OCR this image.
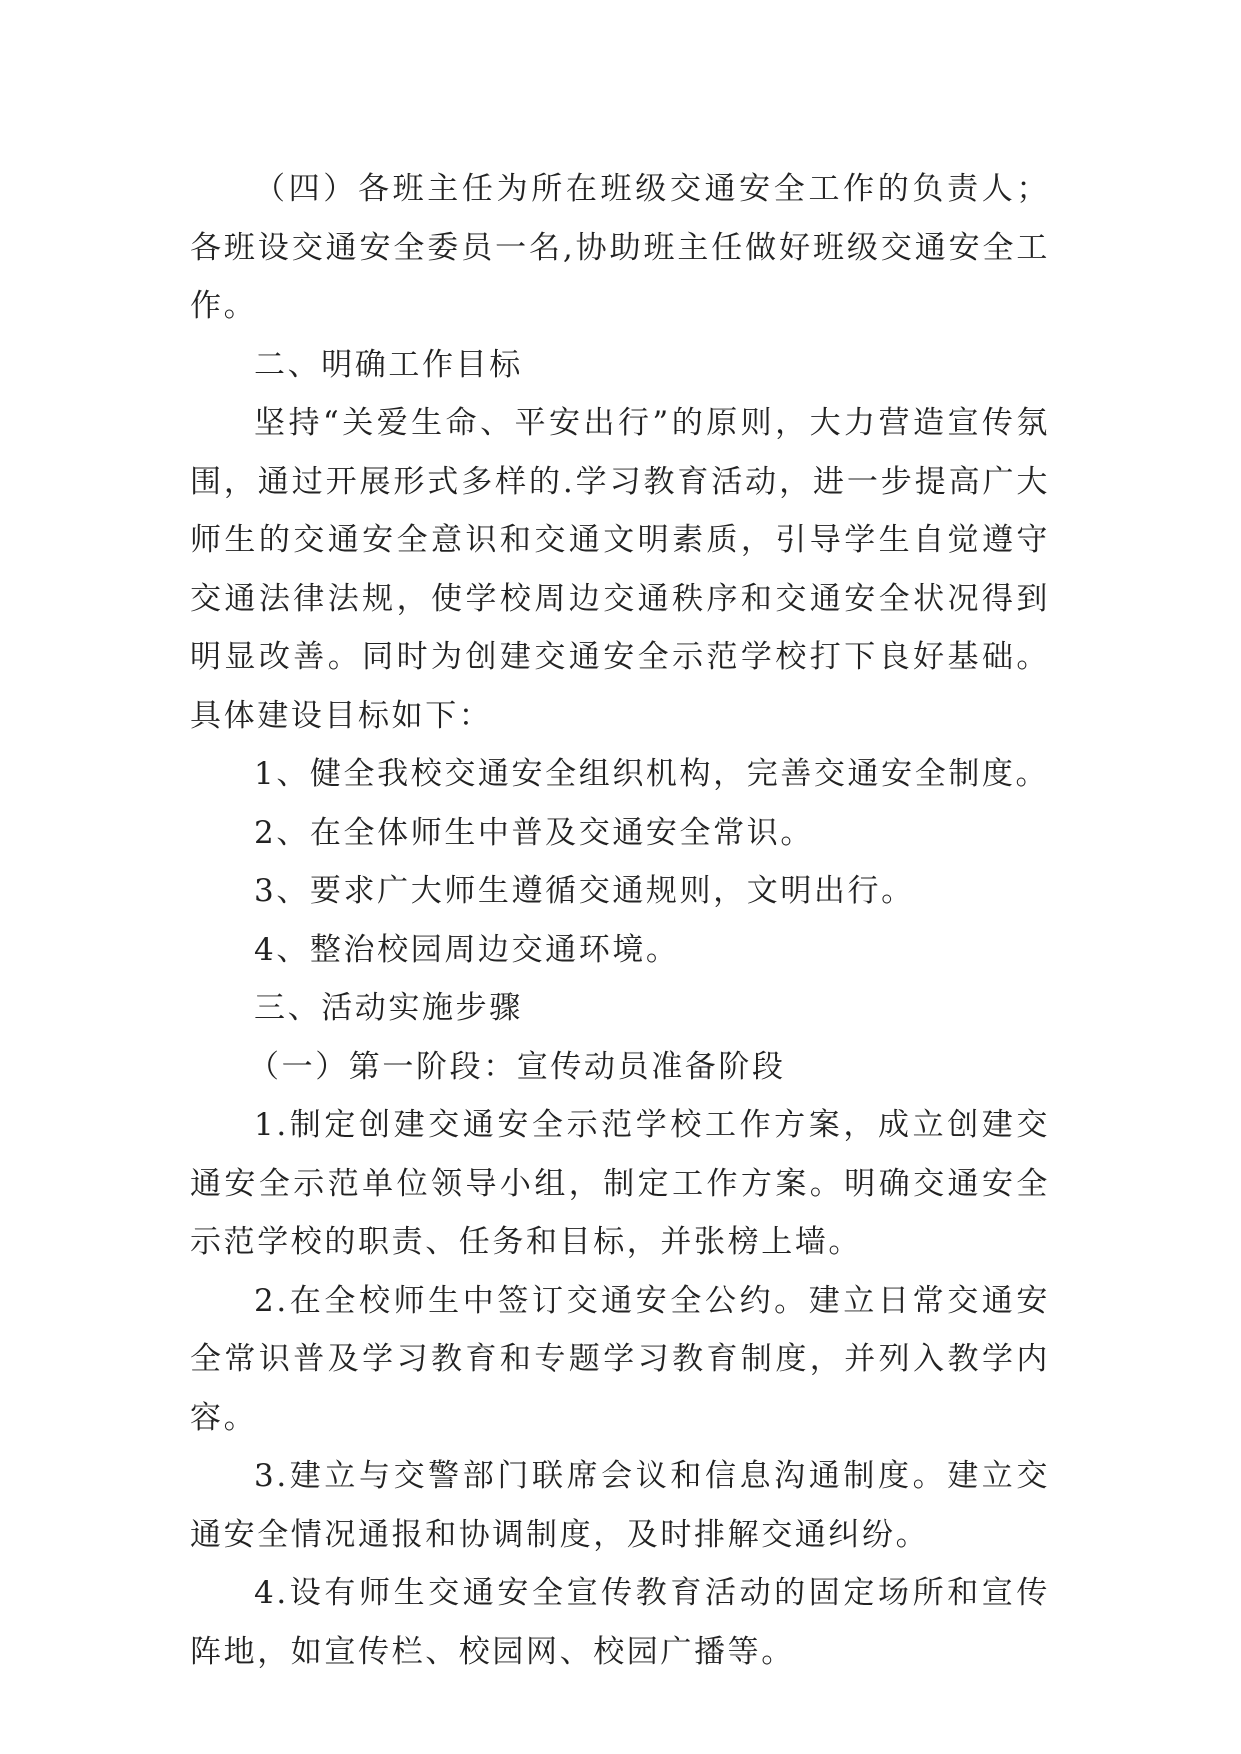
（四）各班主任为所在班级交通安全工作的负责人；各班设交通安全委员一名,协助班主任做好班级交通安全工作。

二、明确工作目标

坚持“关爱生命、平安出行”的原则，大力营造宣传氛围，通过开展形式多样的.学习教育活动，进一步提高广大师生的交通安全意识和交通文明素质，引导学生自觉遵守交通法律法规，使学校周边交通秩序和交通安全状况得到明显改善。同时为创建交通安全示范学校打下良好基础。具体建设目标如下：

1、健全我校交通安全组织机构，完善交通安全制度。

2、在全体师生中普及交通安全常识。

3、要求广大师生遵循交通规则，文明出行。

4、整治校园周边交通环境。

三、活动实施步骤

（一）第一阶段：宣传动员准备阶段

1.制定创建交通安全示范学校工作方案，成立创建交通安全示范单位领导小组，制定工作方案。明确交通安全示范学校的职责、任务和目标，并张榜上墙。

2.在全校师生中签订交通安全公约。建立日常交通安全常识普及学习教育和专题学习教育制度，并列入教学内容。

3.建立与交警部门联席会议和信息沟通制度。建立交通安全情况通报和协调制度，及时排解交通纠纷。

4.设有师生交通安全宣传教育活动的固定场所和宣传阵地，如宣传栏、校园网、校园广播等。
